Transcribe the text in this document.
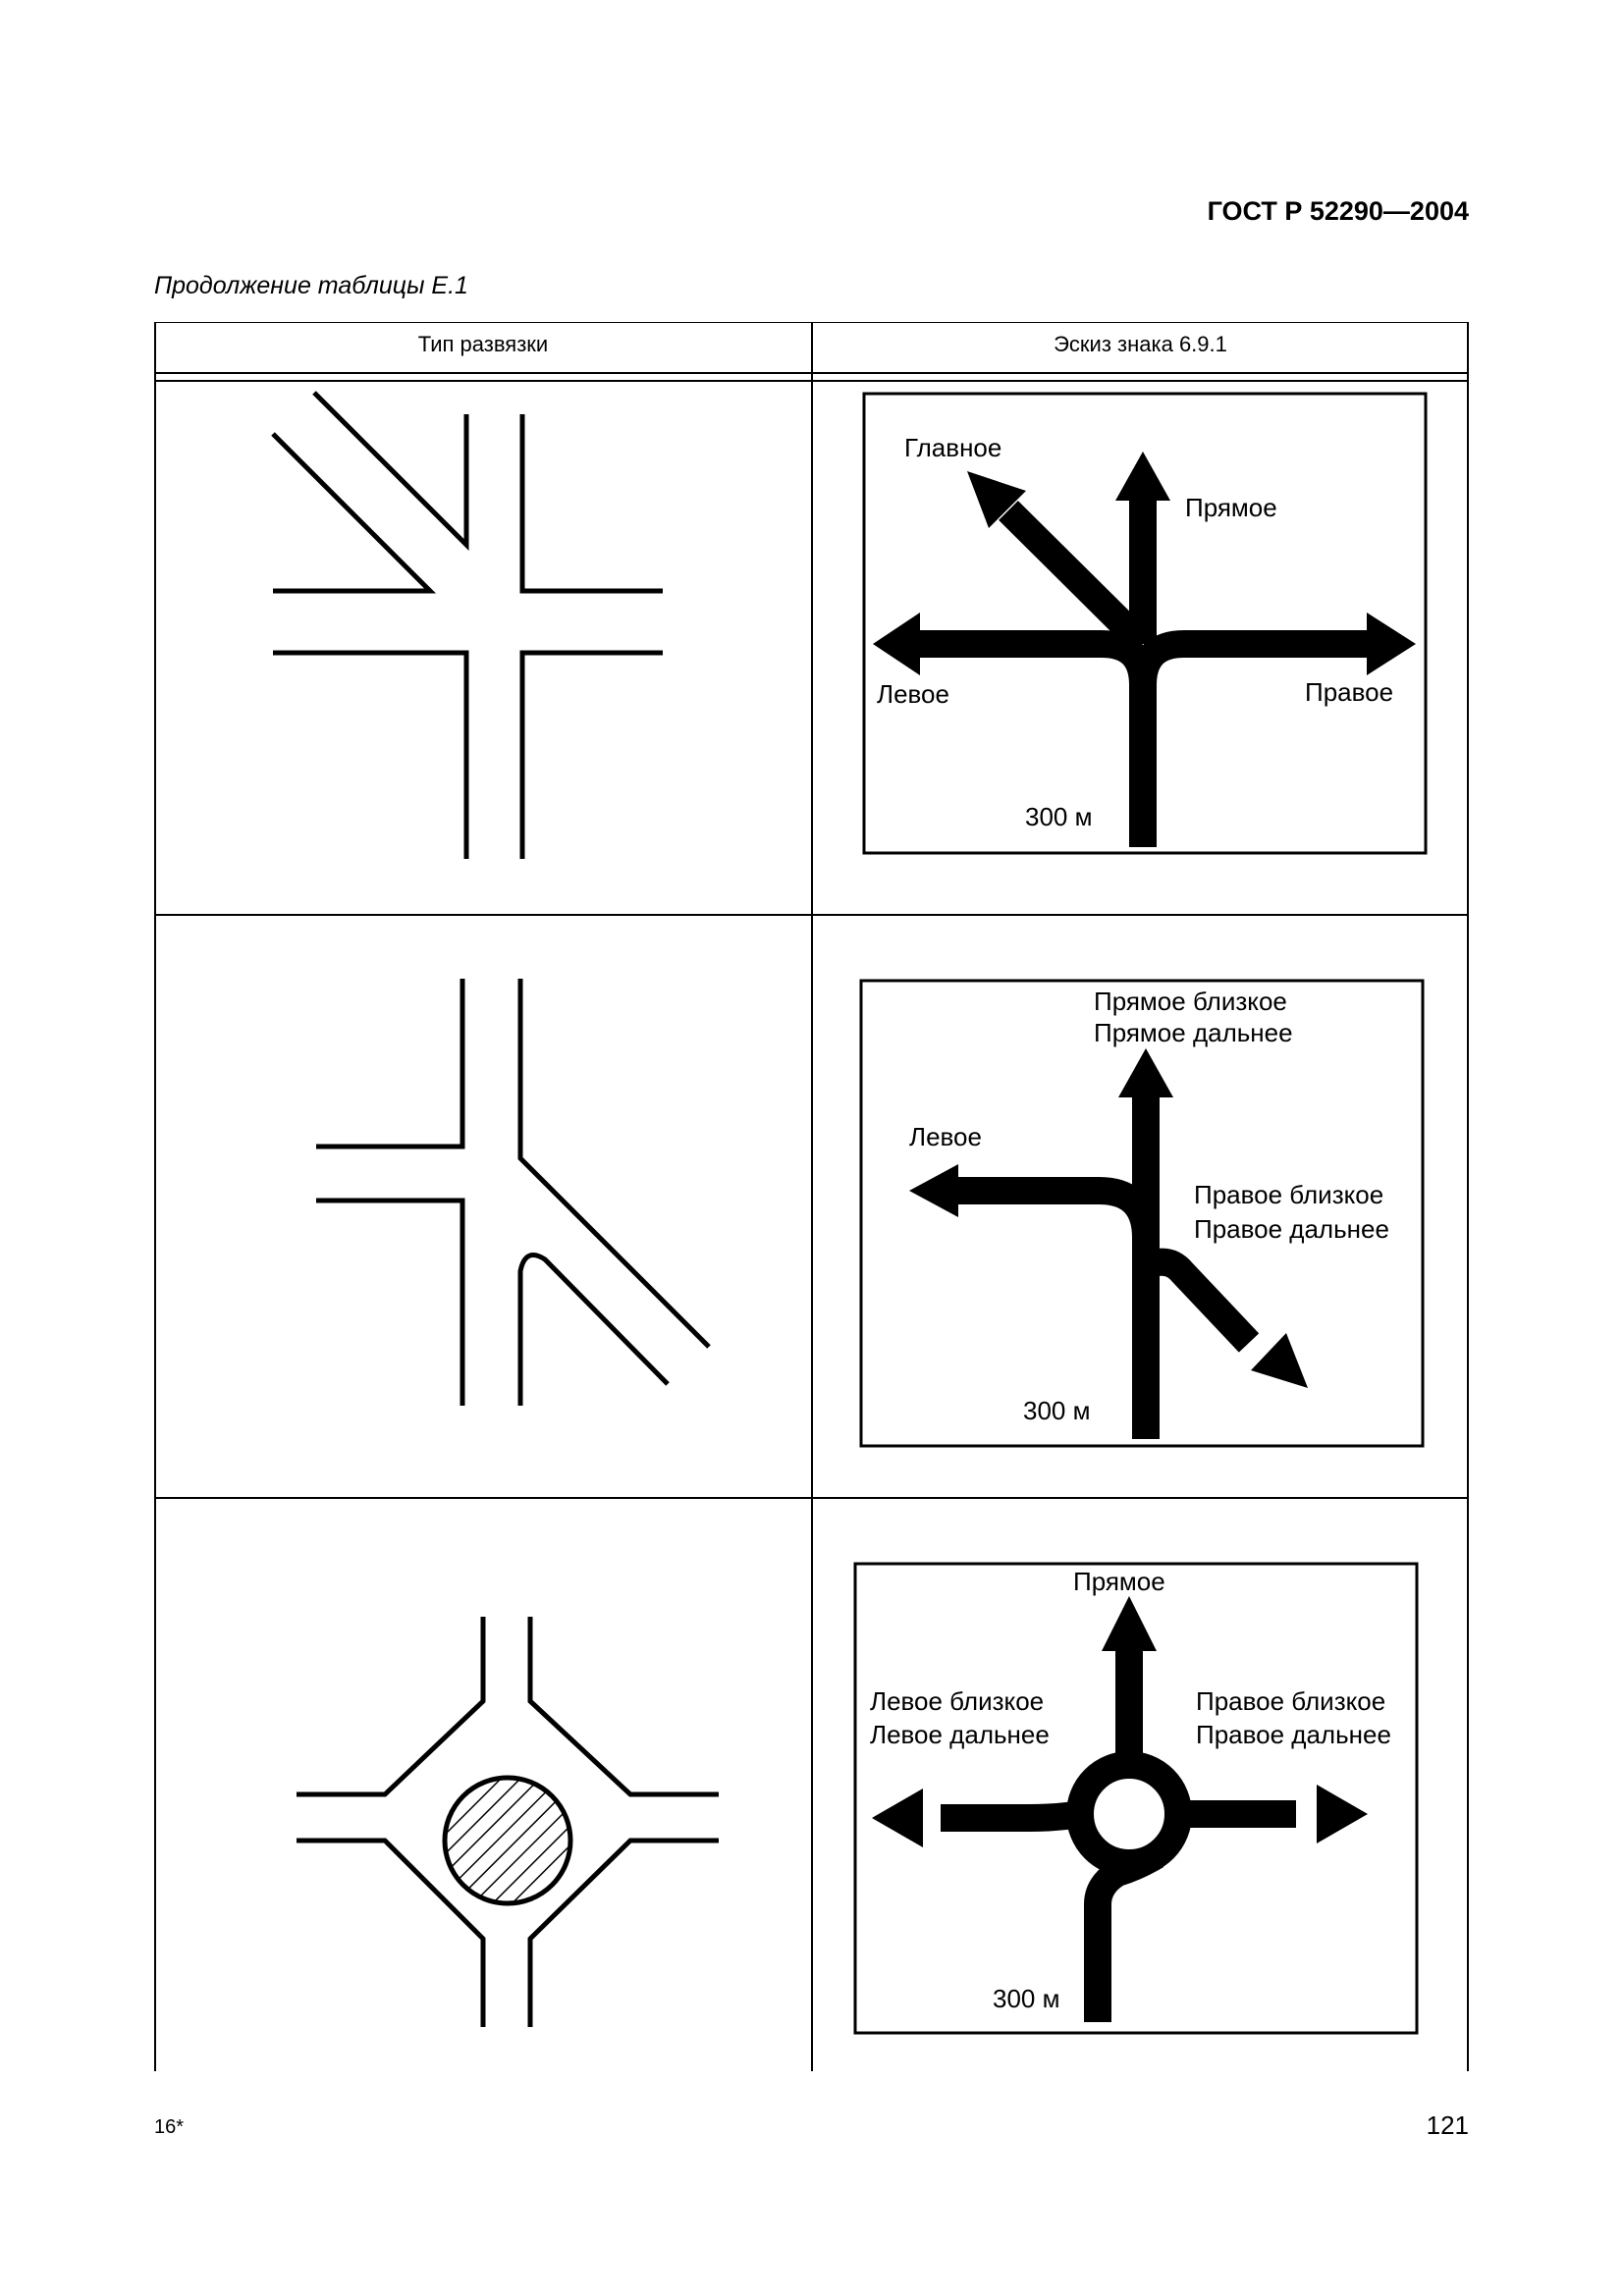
ГОСТ Р 52290—2004
Продолжение таблицы Е.1
Тип развязки	Эскиз знака 6.9.1
Главное
Прямое
Левое	Правое
300 м
Прямое близкое
Прямое дальнее
Левое
Правое близкое
Правое дальнее
300 м
Прямое
Левое близкое
Левое дальнее
Правое близкое
Правое дальнее
300 м
16*	121
